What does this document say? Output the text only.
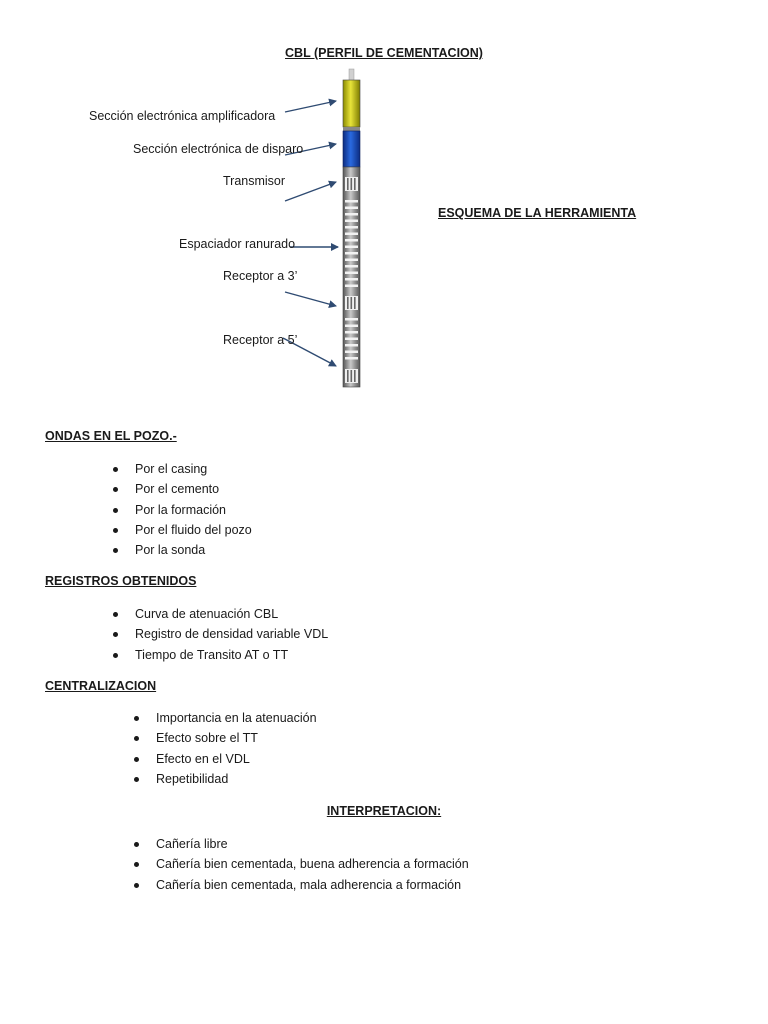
CBL (PERFIL DE CEMENTACION)
Sección electrónica amplificadora
Sección electrónica de disparo
Transmisor
Espaciador ranurado
Receptor a 3’
Receptor a 5’
ESQUEMA DE LA HERRAMIENTA
ONDAS EN EL POZO.-
Por el casing
Por el cemento
Por la formación
Por el fluido del pozo
Por la sonda
REGISTROS OBTENIDOS
Curva de atenuación CBL
Registro de densidad variable VDL
Tiempo de Transito AT o TT
CENTRALIZACION
Importancia en la atenuación
Efecto sobre el TT
Efecto en el VDL
Repetibilidad
INTERPRETACION:
Cañería libre
Cañería bien cementada, buena adherencia a formación
Cañería bien cementada, mala adherencia a formación
